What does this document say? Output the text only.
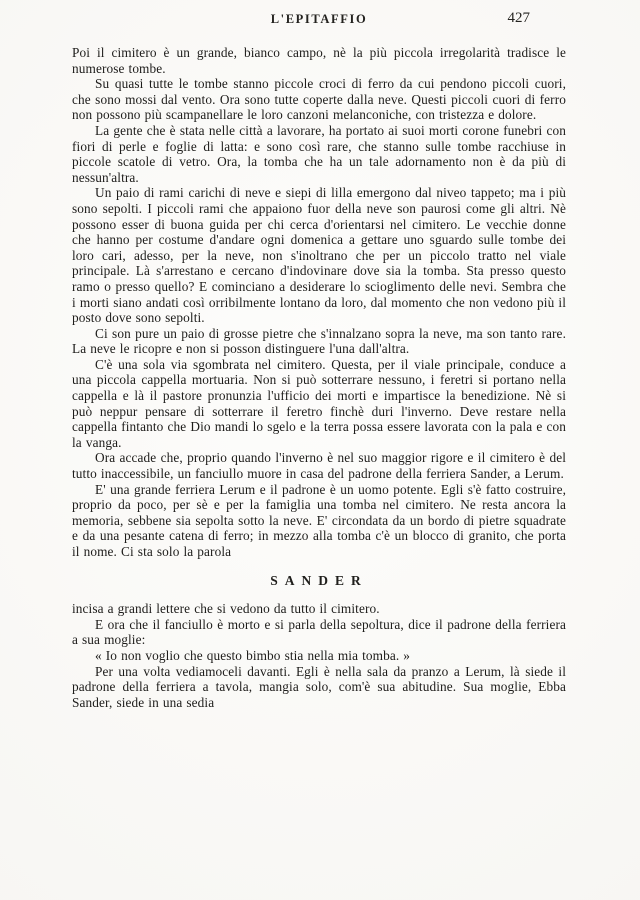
L'EPITAFFIO	427

Poi il cimitero è un grande, bianco campo, nè la più piccola irregolarità tradisce le numerose tombe.

Su quasi tutte le tombe stanno piccole croci di ferro da cui pendono piccoli cuori, che sono mossi dal vento. Ora sono tutte coperte dalla neve. Questi piccoli cuori di ferro non possono più scampanellare le loro canzoni melanconiche, con tristezza e dolore.

La gente che è stata nelle città a lavorare, ha portato ai suoi morti corone funebri con fiori di perle e foglie di latta: e sono così rare, che stanno sulle tombe racchiuse in piccole scatole di vetro. Ora, la tomba che ha un tale adornamento non è da più di nessun'altra.

Un paio di rami carichi di neve e siepi di lilla emergono dal niveo tappeto; ma i più sono sepolti. I piccoli rami che appaiono fuor della neve son paurosi come gli altri. Nè possono esser di buona guida per chi cerca d'orientarsi nel cimitero. Le vecchie donne che hanno per costume d'andare ogni domenica a gettare uno sguardo sulle tombe dei loro cari, adesso, per la neve, non s'inoltrano che per un piccolo tratto nel viale principale. Là s'arrestano e cercano d'indovinare dove sia la tomba. Sta presso questo ramo o presso quello? E cominciano a desiderare lo scioglimento delle nevi. Sembra che i morti siano andati così orribilmente lontano da loro, dal momento che non vedono più il posto dove sono sepolti.

Ci son pure un paio di grosse pietre che s'innalzano sopra la neve, ma son tanto rare. La neve le ricopre e non si posson distinguere l'una dall'altra.

C'è una sola via sgombrata nel cimitero. Questa, per il viale principale, conduce a una piccola cappella mortuaria. Non si può sotterrare nessuno, i feretri si portano nella cappella e là il pastore pronunzia l'ufficio dei morti e impartisce la benedizione. Nè si può neppur pensare di sotterrare il feretro finchè duri l'inverno. Deve restare nella cappella fintanto che Dio mandi lo sgelo e la terra possa essere lavorata con la pala e con la vanga.

Ora accade che, proprio quando l'inverno è nel suo maggior rigore e il cimitero è del tutto inaccessibile, un fanciullo muore in casa del padrone della ferriera Sander, a Lerum.

E' una grande ferriera Lerum e il padrone è un uomo potente. Egli s'è fatto costruire, proprio da poco, per sè e per la famiglia una tomba nel cimitero. Ne resta ancora la memoria, sebbene sia sepolta sotto la neve. E' circondata da un bordo di pietre squadrate e da una pesante catena di ferro; in mezzo alla tomba c'è un blocco di granito, che porta il nome. Ci sta solo la parola

SANDER

incisa a grandi lettere che si vedono da tutto il cimitero.

E ora che il fanciullo è morto e si parla della sepoltura, dice il padrone della ferriera a sua moglie:

« Io non voglio che questo bimbo stia nella mia tomba. »

Per una volta vediamoceli davanti. Egli è nella sala da pranzo a Lerum, là siede il padrone della ferriera a tavola, mangia solo, com'è sua abitudine. Sua moglie, Ebba Sander, siede in una sedia
